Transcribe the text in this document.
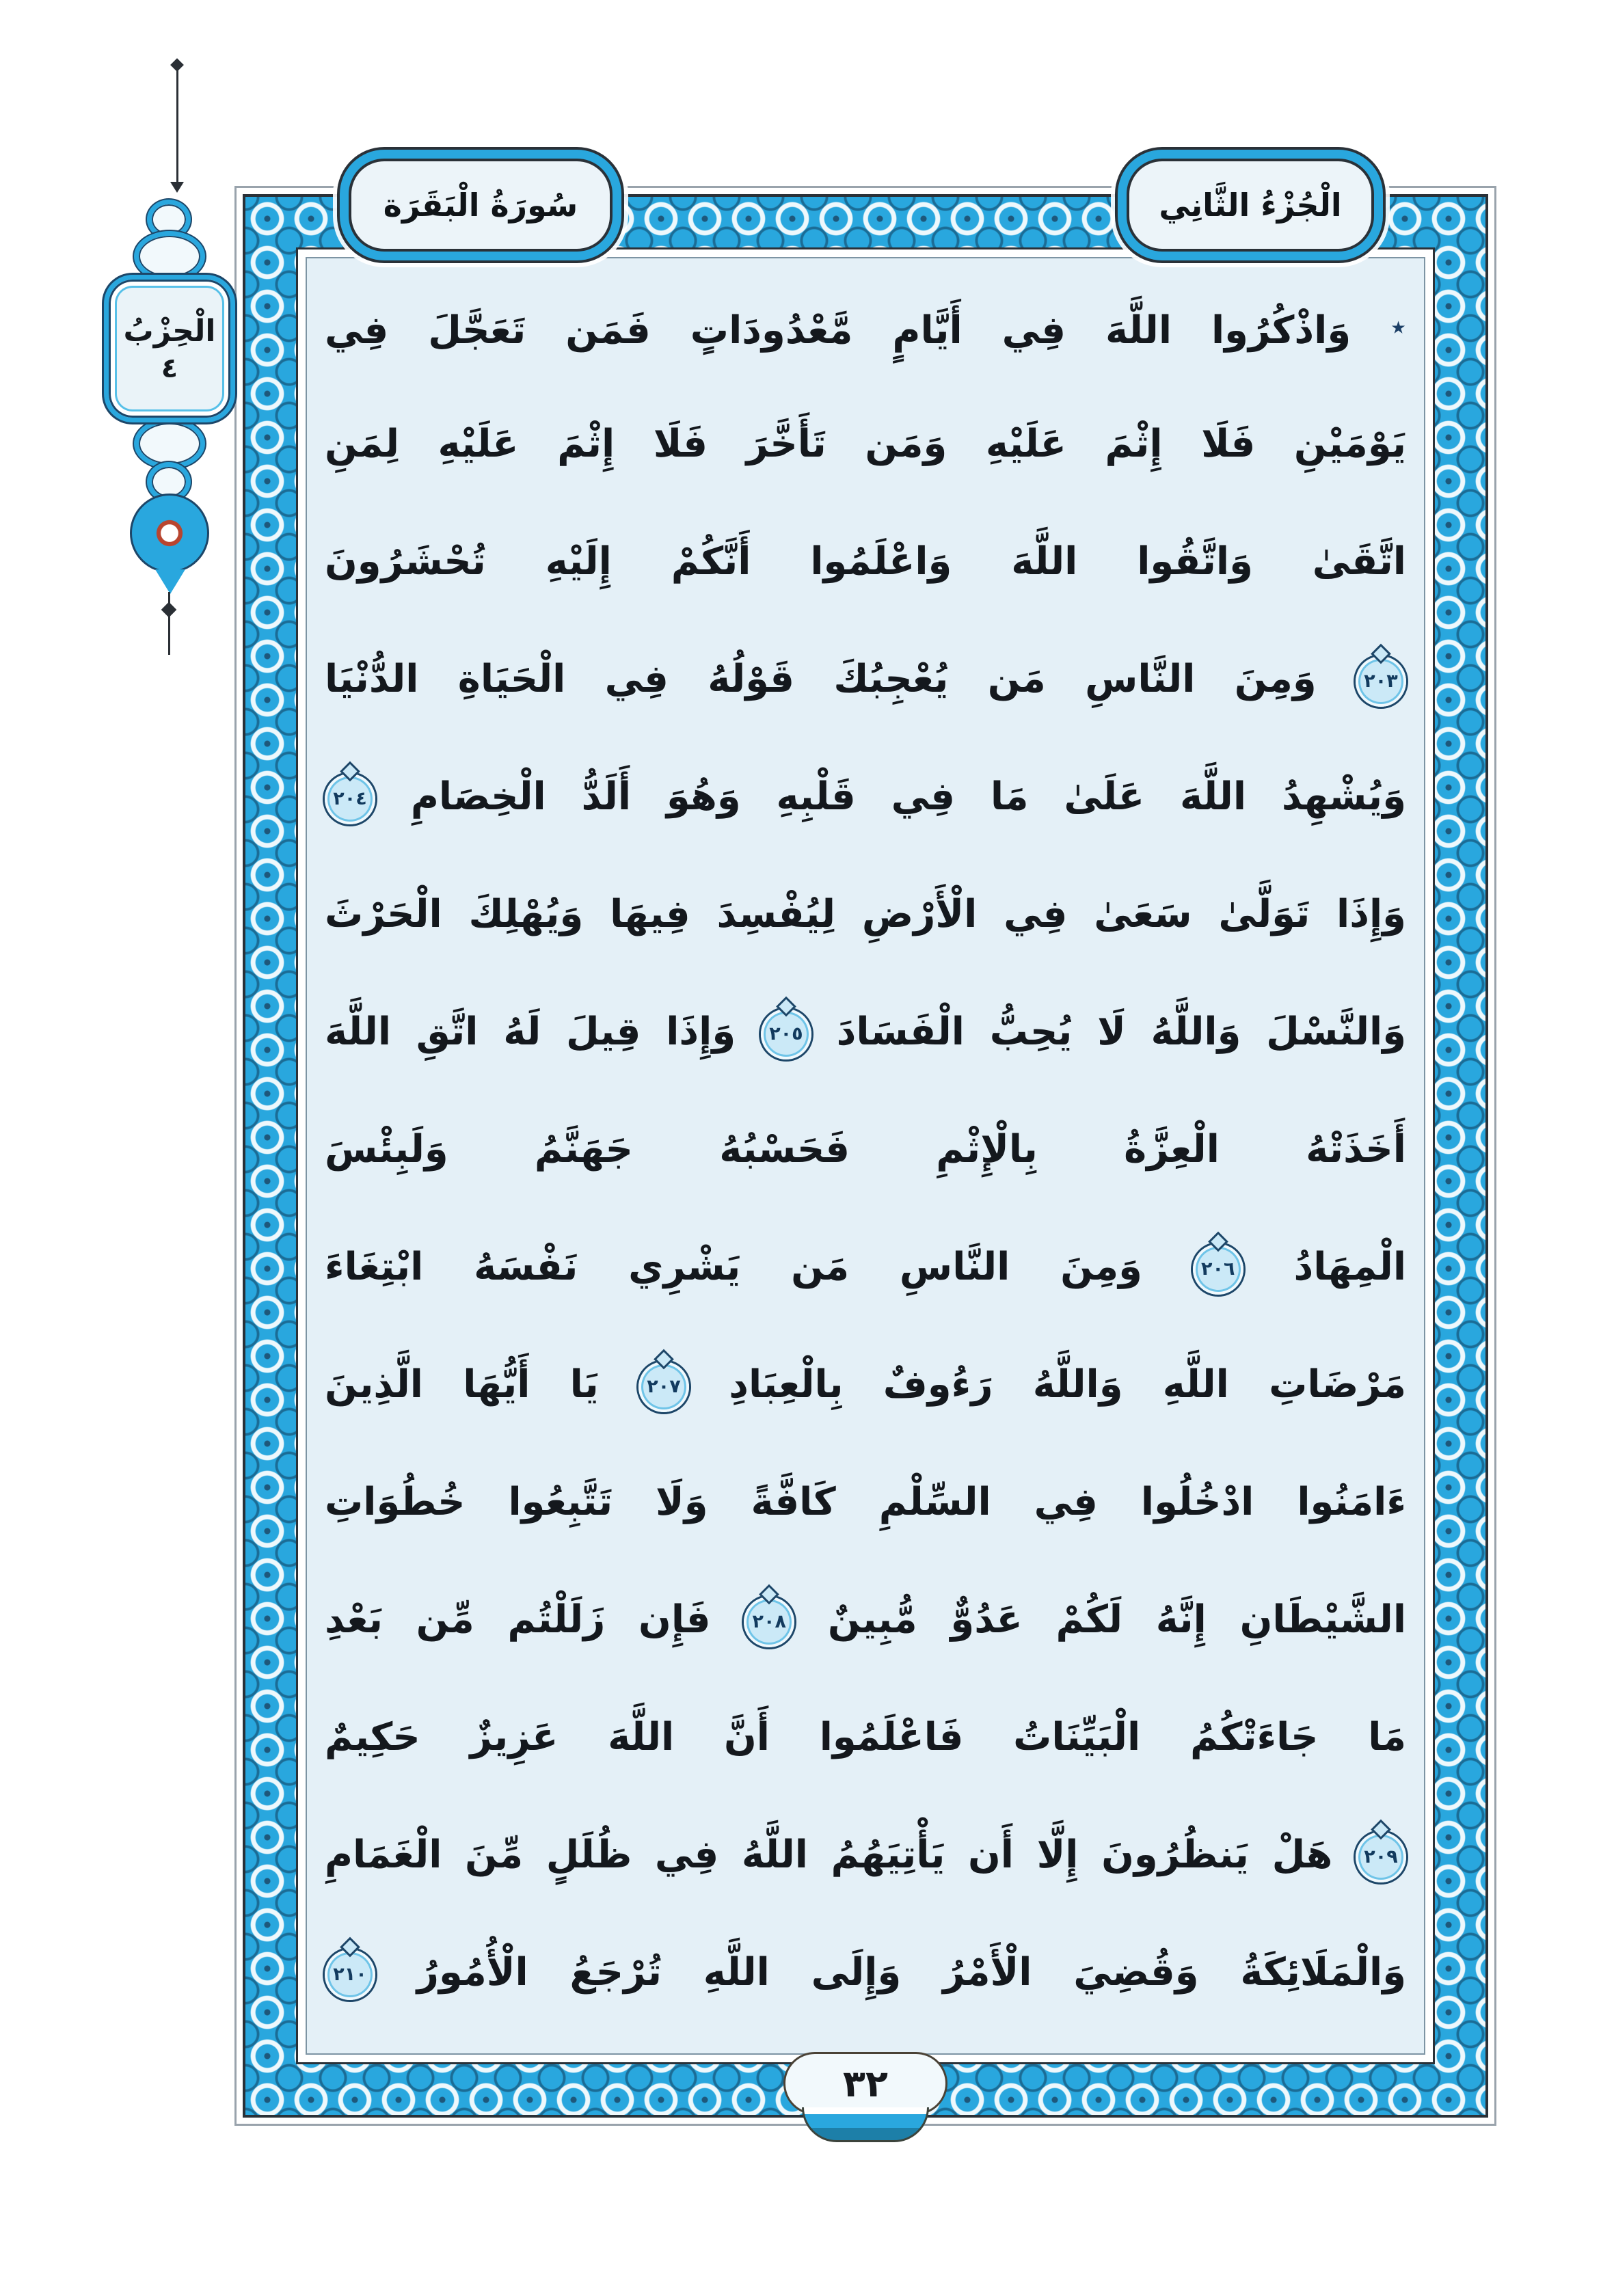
الْحِزْبُ
٤
٭ وَاذْكُرُوا اللَّهَ فِي أَيَّامٍ مَّعْدُودَاتٍ فَمَن تَعَجَّلَ فِي
يَوْمَيْنِ فَلَا إِثْمَ عَلَيْهِ وَمَن تَأَخَّرَ فَلَا إِثْمَ عَلَيْهِ لِمَنِ
اتَّقَىٰ وَاتَّقُوا اللَّهَ وَاعْلَمُوا أَنَّكُمْ إِلَيْهِ تُحْشَرُونَ
٢٠٣
وَمِنَ النَّاسِ مَن يُعْجِبُكَ قَوْلُهُ فِي الْحَيَاةِ الدُّنْيَا
وَيُشْهِدُ اللَّهَ عَلَىٰ مَا فِي قَلْبِهِ وَهُوَ أَلَدُّ الْخِصَامِ
٢٠٤
وَإِذَا تَوَلَّىٰ سَعَىٰ فِي الْأَرْضِ لِيُفْسِدَ فِيهَا وَيُهْلِكَ الْحَرْثَ
وَالنَّسْلَ وَاللَّهُ لَا يُحِبُّ الْفَسَادَ
٢٠٥
وَإِذَا قِيلَ لَهُ اتَّقِ اللَّهَ
أَخَذَتْهُ الْعِزَّةُ بِالْإِثْمِ فَحَسْبُهُ جَهَنَّمُ وَلَبِئْسَ
الْمِهَادُ
٢٠٦
وَمِنَ النَّاسِ مَن يَشْرِي نَفْسَهُ ابْتِغَاءَ
مَرْضَاتِ اللَّهِ وَاللَّهُ رَءُوفٌ بِالْعِبَادِ
٢٠٧
يَا أَيُّهَا الَّذِينَ
ءَامَنُوا ادْخُلُوا فِي السِّلْمِ كَافَّةً وَلَا تَتَّبِعُوا خُطُوَاتِ
الشَّيْطَانِ إِنَّهُ لَكُمْ عَدُوٌّ مُّبِينٌ
٢٠٨
فَإِن زَلَلْتُم مِّن بَعْدِ
مَا جَاءَتْكُمُ الْبَيِّنَاتُ فَاعْلَمُوا أَنَّ اللَّهَ عَزِيزٌ حَكِيمٌ
٢٠٩
هَلْ يَنظُرُونَ إِلَّا أَن يَأْتِيَهُمُ اللَّهُ فِي ظُلَلٍ مِّنَ الْغَمَامِ
وَالْمَلَائِكَةُ وَقُضِيَ الْأَمْرُ وَإِلَى اللَّهِ تُرْجَعُ الْأُمُورُ
٢١٠
سُورَةُ الْبَقَرَة	الْجُزْءُ الثَّانِي
٣٢
